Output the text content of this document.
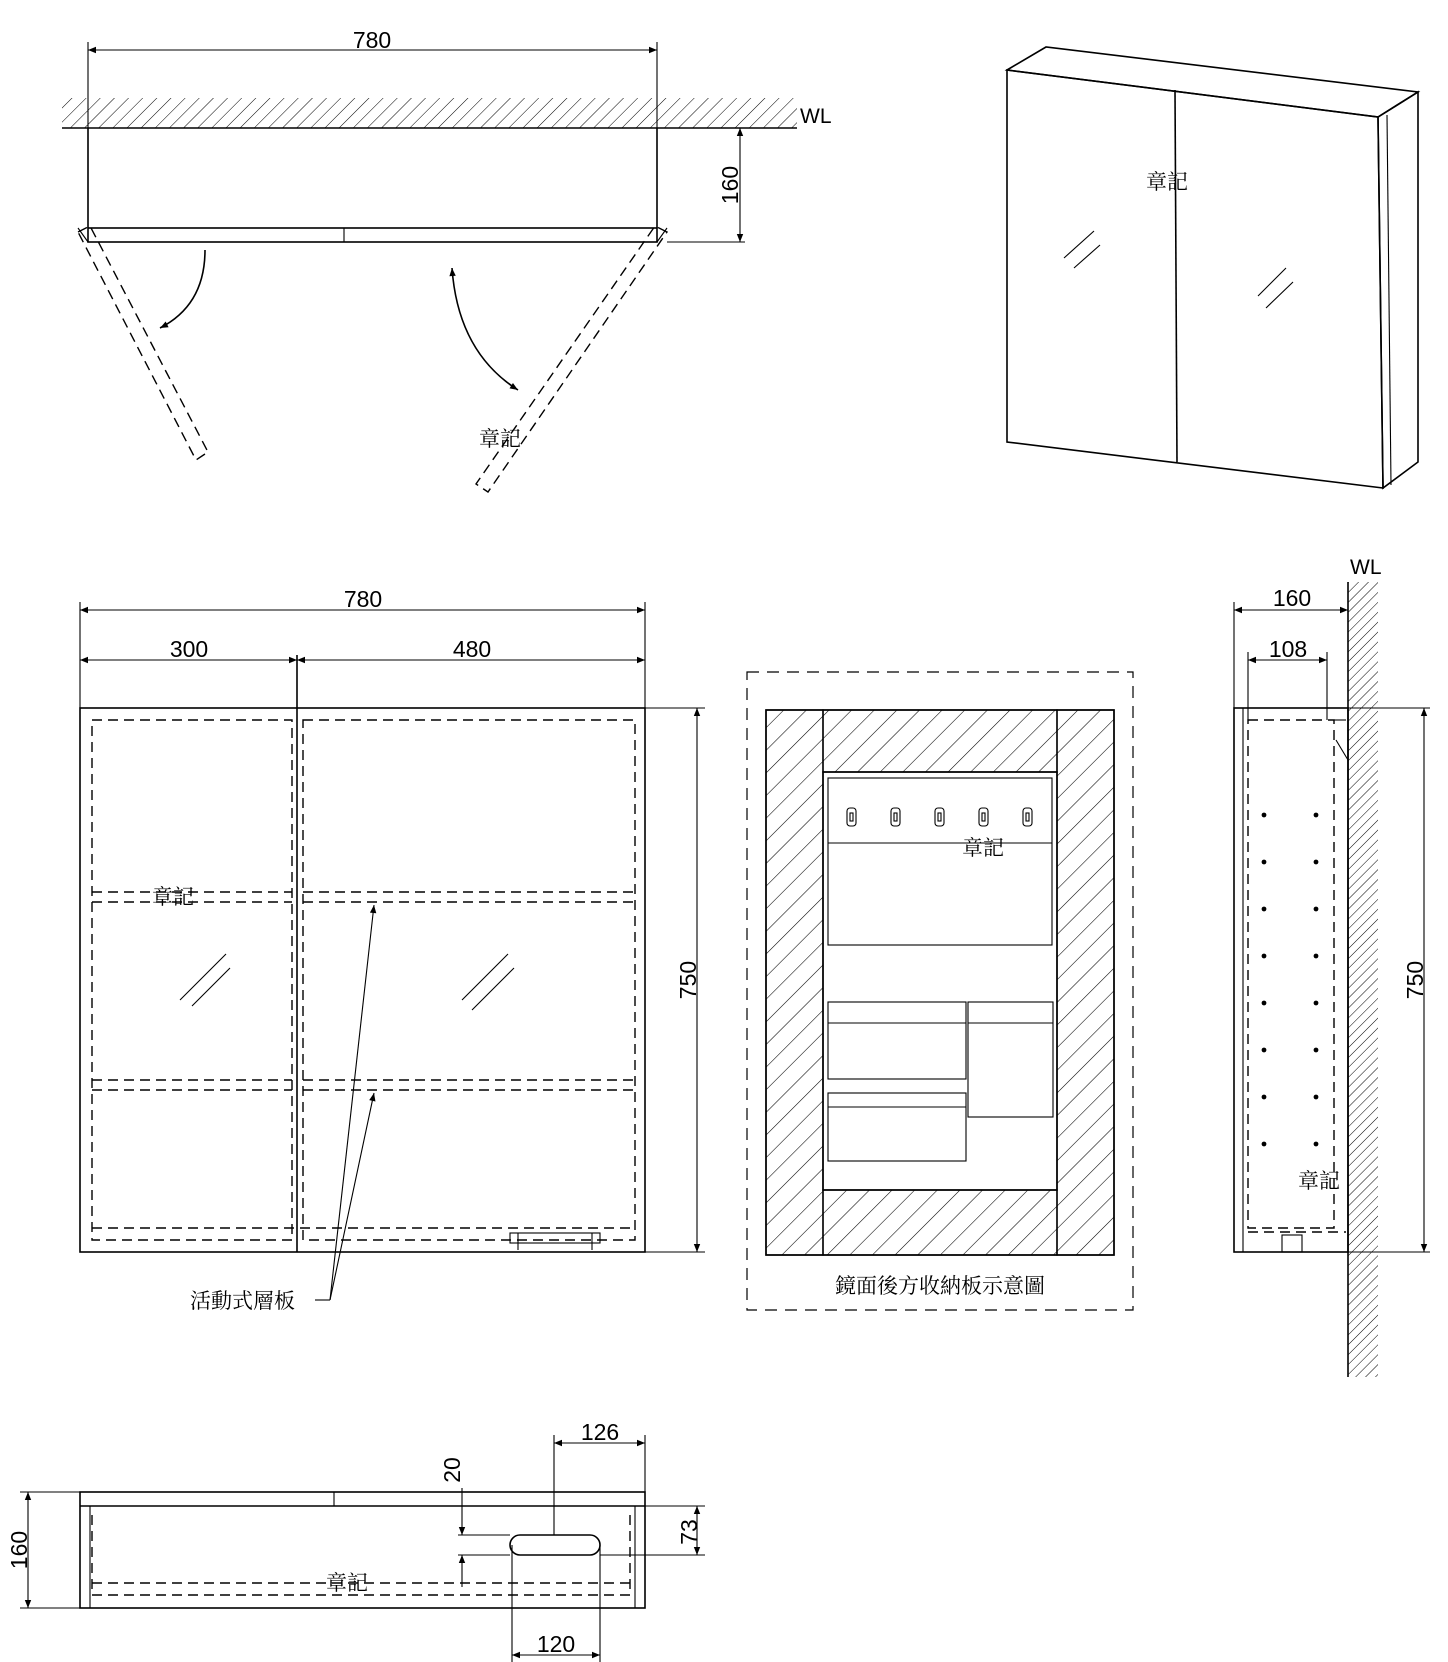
780
160
WL
章記
章記
章記
780
300	480
750
活動式層板
章記
鏡面後方收納板示意圖
WL
章記
160
108
750
章記
160
126
20
73
120
